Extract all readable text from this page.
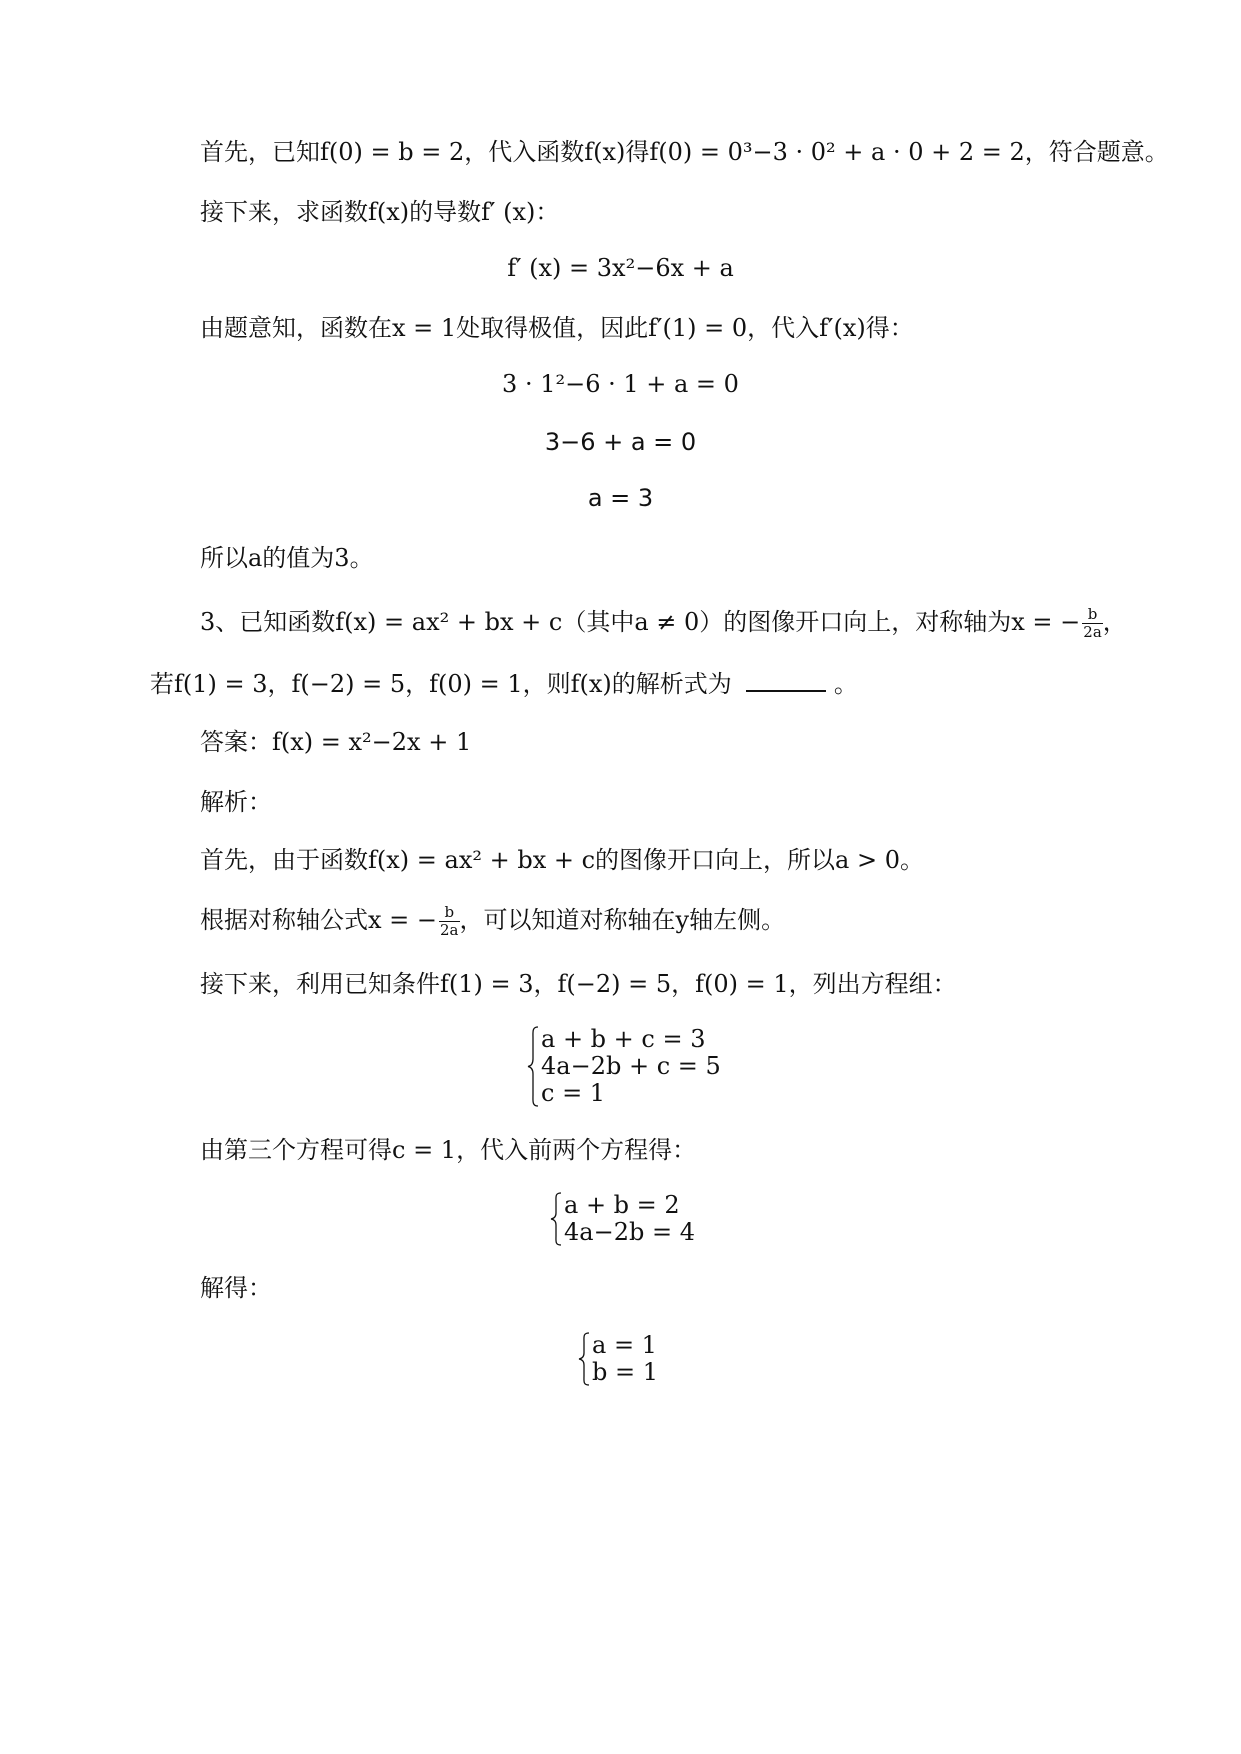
首先，已知f(0) = b = 2，代入函数f(x)得f(0) = 0³−3 · 0² + a · 0 + 2 = 2，符合题意。
接下来，求函数f(x)的导数f′ (x)：
f′ (x) = 3x²−6x + a
由题意知，函数在x = 1处取得极值，因此f′(1) = 0，代入f′(x)得：
3 · 1²−6 · 1 + a = 0
3−6 + a = 0
a = 3
所以a的值为3。
3、已知函数f(x) = ax² + bx + c（其中a ≠ 0）的图像开口向上，对称轴为x = − $\frac{b}{2a}$ ，
若f(1) = 3，f(−2) = 5，f(0) = 1，则f(x)的解析式为	。
答案：f(x) = x²−2x + 1
解析：
首先，由于函数f(x) = ax² + bx + c的图像开口向上，所以a > 0。
根据对称轴公式x = − $\frac{b}{2a}$ ，可以知道对称轴在y轴左侧。
接下来，利用已知条件f(1) = 3，f(−2) = 5，f(0) = 1，列出方程组：
a + b + c = 3
4a−2b + c = 5
c = 1
由第三个方程可得c = 1，代入前两个方程得：
a + b = 2
4a−2b = 4
解得：
a = 1
b = 1
